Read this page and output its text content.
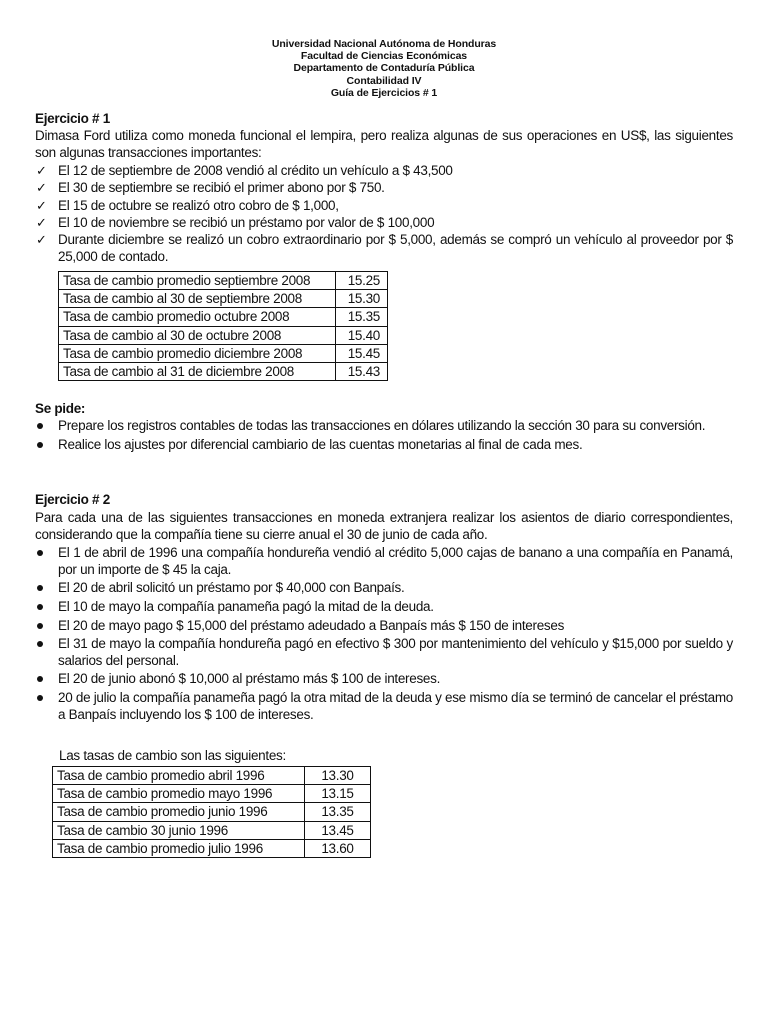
Universidad Nacional Autónoma de Honduras
Facultad de Ciencias Económicas
Departamento de Contaduría Pública
Contabilidad IV
Guía de Ejercicios # 1
Ejercicio # 1
Dimasa Ford utiliza como moneda funcional el lempira, pero realiza algunas de sus operaciones en US$, las siguientes son algunas transacciones importantes:
✓ El 12 de septiembre de 2008 vendió al crédito un vehículo a $ 43,500
✓ El 30 de septiembre se recibió el primer abono por $ 750.
✓ El 15 de octubre se realizó otro cobro de $ 1,000,
✓ El 10 de noviembre se recibió un préstamo por valor de $ 100,000
✓ Durante diciembre se realizó un cobro extraordinario por $ 5,000, además se compró un vehículo al proveedor por $ 25,000 de contado.
Tasa de cambio promedio septiembre 2008	15.25
Tasa de cambio al 30 de septiembre 2008	15.30
Tasa de cambio promedio octubre 2008	15.35
Tasa de cambio al 30 de octubre 2008	15.40
Tasa de cambio promedio diciembre 2008	15.45
Tasa de cambio al 31 de diciembre 2008	15.43
Se pide:
Prepare los registros contables de todas las transacciones en dólares utilizando la sección 30 para su conversión.
Realice los ajustes por diferencial cambiario de las cuentas monetarias al final de cada mes.
Ejercicio # 2
Para cada una de las siguientes transacciones en moneda extranjera realizar los asientos de diario correspondientes, considerando que la compañía tiene su cierre anual el 30 de junio de cada año.
El 1 de abril de 1996 una compañía hondureña vendió al crédito 5,000 cajas de banano a una compañía en Panamá, por un importe de $ 45 la caja.
El 20 de abril solicitó un préstamo por $ 40,000 con Banpaís.
El 10 de mayo la compañía panameña pagó la mitad de la deuda.
El 20 de mayo pago $ 15,000 del préstamo adeudado a Banpaís más $ 150 de intereses
El 31 de mayo la compañía hondureña pagó en efectivo $ 300 por mantenimiento del vehículo y $15,000 por sueldo y salarios del personal.
El 20 de junio abonó $ 10,000 al préstamo más $ 100 de intereses.
20 de julio la compañía panameña pagó la otra mitad de la deuda y ese mismo día se terminó de cancelar el préstamo a Banpaís incluyendo los $ 100 de intereses.
Las tasas de cambio son las siguientes:
Tasa de cambio promedio abril 1996	13.30
Tasa de cambio promedio mayo 1996	13.15
Tasa de cambio promedio junio 1996	13.35
Tasa de cambio 30 junio 1996	13.45
Tasa de cambio promedio julio 1996	13.60
